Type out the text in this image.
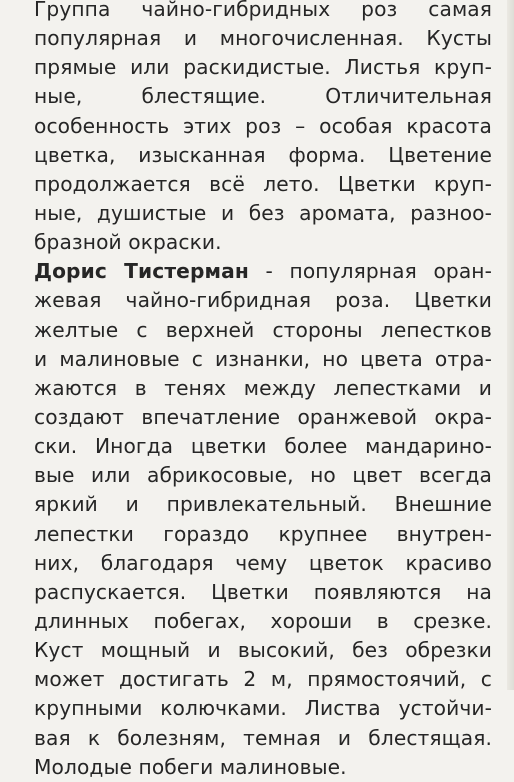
Группа чайно-гибридных роз самая
популярная и многочисленная. Кусты
прямые или раскидистые. Листья круп-
ные, блестящие. Отличительная
особенность этих роз – особая красота
цветка, изысканная форма. Цветение
продолжается всё лето. Цветки круп-
ные, душистые и без аромата, разноо-
бразной окраски.
Дорис Тистерман - популярная оран-
жевая чайно-гибридная роза. Цветки
желтые с верхней стороны лепестков
и малиновые с изнанки, но цвета отра-
жаются в тенях между лепестками и
создают впечатление оранжевой окра-
ски. Иногда цветки более мандарино-
вые или абрикосовые, но цвет всегда
яркий и привлекательный. Внешние
лепестки гораздо крупнее внутрен-
них, благодаря чему цветок красиво
распускается. Цветки появляются на
длинных побегах, хороши в срезке.
Куст мощный и высокий, без обрезки
может достигать 2 м, прямостоячий, с
крупными колючками. Листва устойчи-
вая к болезням, темная и блестящая.
Молодые побеги малиновые.
